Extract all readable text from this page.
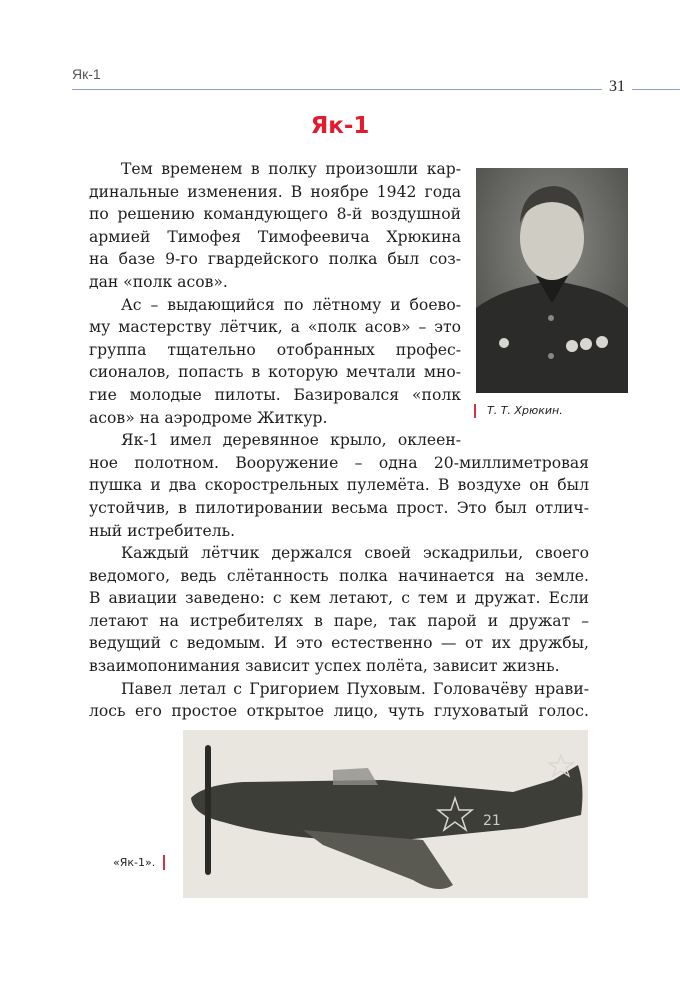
Як-1
31
Як-1
Тем временем в полку произошли кар-
динальные изменения. В ноябре 1942 года
по решению командующего 8-й воздушной
армией Тимофея Тимофеевича Хрюкина
на базе 9-го гвардейского полка был соз-
дан «полк асов».
Ас – выдающийся по лётному и боево-
му мастерству лётчик, а «полк асов» – это
группа тщательно отобранных профес-
сионалов, попасть в которую мечтали мно-
гие молодые пилоты. Базировался «полк
асов» на аэродроме Житкур.
Як-1 имел деревянное крыло, оклеен-
ное полотном. Вооружение – одна 20-миллиметровая
пушка и два скорострельных пулемёта. В воздухе он был
устойчив, в пилотировании весьма прост. Это был отлич-
ный истребитель.
Каждый лётчик держался своей эскадрильи, своего
ведомого, ведь слётанность полка начинается на земле.
В авиации заведено: с кем летают, с тем и дружат. Если
летают на истребителях в паре, так парой и дружат –
ведущий с ведомым. И это естественно — от их дружбы,
взаимопонимания зависит успех полёта, зависит жизнь.
Павел летал с Григорием Пуховым. Головачёву нрави-
лось его простое открытое лицо, чуть глуховатый голос.
Т. Т. Хрюкин.
21
«Як-1».
